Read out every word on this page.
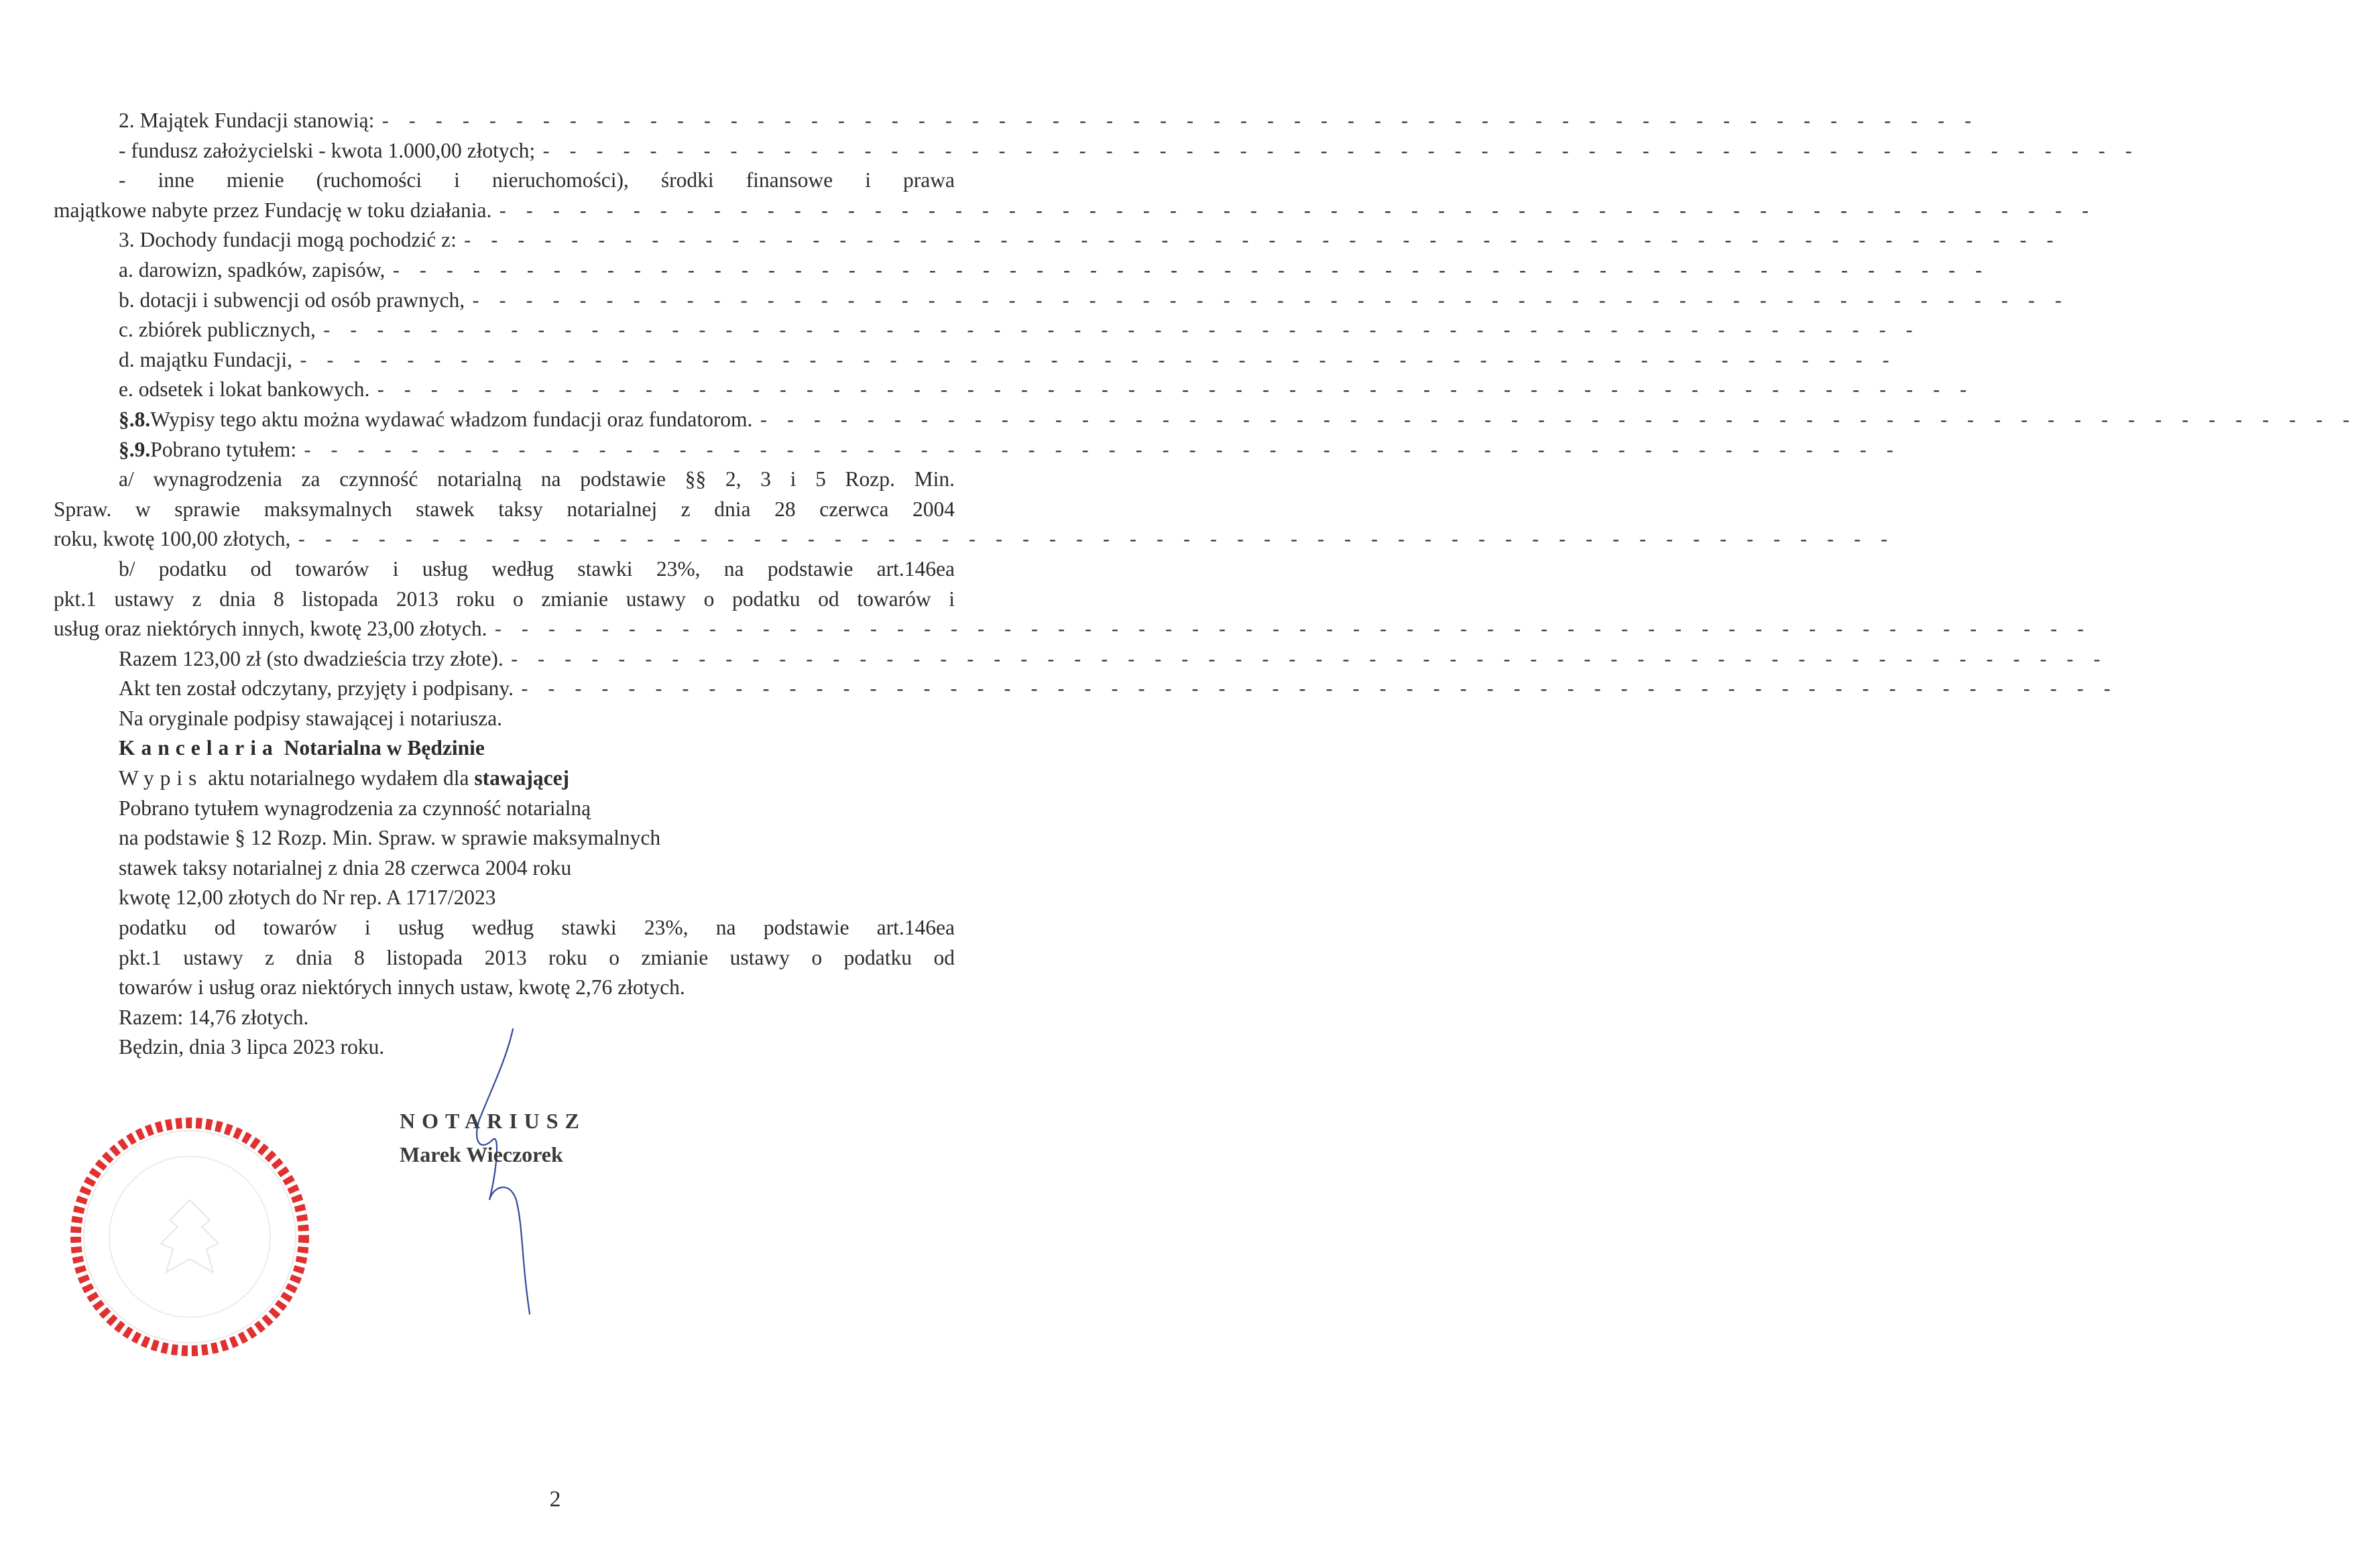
2. Majątek Fundacji stanowią: - - - - - - - - - - - - - - - - - - - - - - - - - - - - - - - - - - - - - - - - - - - - - - - - - - - - - - - - - - - -
- fundusz założycielski - kwota 1.000,00 złotych; - - - - - - - - - - - - - - - - - - - - - - - - - - - - - - - - - - - - - - - - - - - - - - - - - - - - - - - - - - - -
- inne mienie (ruchomości i nieruchomości), środki finansowe i prawa
majątkowe nabyte przez Fundację w toku działania. - - - - - - - - - - - - - - - - - - - - - - - - - - - - - - - - - - - - - - - - - - - - - - - - - - - - - - - - - - - -
3. Dochody fundacji mogą pochodzić z: - - - - - - - - - - - - - - - - - - - - - - - - - - - - - - - - - - - - - - - - - - - - - - - - - - - - - - - - - - - -
a. darowizn, spadków, zapisów, - - - - - - - - - - - - - - - - - - - - - - - - - - - - - - - - - - - - - - - - - - - - - - - - - - - - - - - - - - - -
b. dotacji i subwencji od osób prawnych, - - - - - - - - - - - - - - - - - - - - - - - - - - - - - - - - - - - - - - - - - - - - - - - - - - - - - - - - - - - -
c. zbiórek publicznych, - - - - - - - - - - - - - - - - - - - - - - - - - - - - - - - - - - - - - - - - - - - - - - - - - - - - - - - - - - - -
d. majątku Fundacji, - - - - - - - - - - - - - - - - - - - - - - - - - - - - - - - - - - - - - - - - - - - - - - - - - - - - - - - - - - - -
e. odsetek i lokat bankowych. - - - - - - - - - - - - - - - - - - - - - - - - - - - - - - - - - - - - - - - - - - - - - - - - - - - - - - - - - - - -
§.8. Wypisy tego aktu można wydawać władzom fundacji oraz fundatorom. - - - - - - - - - - - - - - - - - - - - - - - - - - - - - - - - - - - - - - - - - - - - - - - - - - - - - - - - - - - -
§.9. Pobrano tytułem: - - - - - - - - - - - - - - - - - - - - - - - - - - - - - - - - - - - - - - - - - - - - - - - - - - - - - - - - - - - -
a/ wynagrodzenia za czynność notarialną na podstawie §§ 2, 3 i 5 Rozp. Min.
Spraw. w sprawie maksymalnych stawek taksy notarialnej z dnia 28 czerwca 2004
roku, kwotę 100,00 złotych, - - - - - - - - - - - - - - - - - - - - - - - - - - - - - - - - - - - - - - - - - - - - - - - - - - - - - - - - - - - -
b/ podatku od towarów i usług według stawki 23%, na podstawie art.146ea
pkt.1 ustawy z dnia 8 listopada 2013 roku o zmianie ustawy o podatku od towarów i
usług oraz niektórych innych, kwotę 23,00 złotych. - - - - - - - - - - - - - - - - - - - - - - - - - - - - - - - - - - - - - - - - - - - - - - - - - - - - - - - - - - - -
Razem 123,00 zł (sto dwadzieścia trzy złote). - - - - - - - - - - - - - - - - - - - - - - - - - - - - - - - - - - - - - - - - - - - - - - - - - - - - - - - - - - - -
Akt ten został odczytany, przyjęty i podpisany. - - - - - - - - - - - - - - - - - - - - - - - - - - - - - - - - - - - - - - - - - - - - - - - - - - - - - - - - - - - -
Na oryginale podpisy stawającej i notariusza.
Kancelaria Notarialna w Będzinie
Wypis aktu notarialnego wydałem dla stawającej
Pobrano tytułem wynagrodzenia za czynność notarialną
na podstawie § 12 Rozp. Min. Spraw. w sprawie maksymalnych
stawek taksy notarialnej z dnia 28 czerwca 2004 roku
kwotę 12,00 złotych do Nr rep. A 1717/2023
podatku od towarów i usług według stawki 23%, na podstawie art.146ea
pkt.1 ustawy z dnia 8 listopada 2013 roku o zmianie ustawy o podatku od
towarów i usług oraz niektórych innych ustaw, kwotę 2,76 złotych.
Razem: 14,76 złotych.
Będzin, dnia 3 lipca 2023 roku.
NOTARIUSZ
Marek Wieczorek
2
